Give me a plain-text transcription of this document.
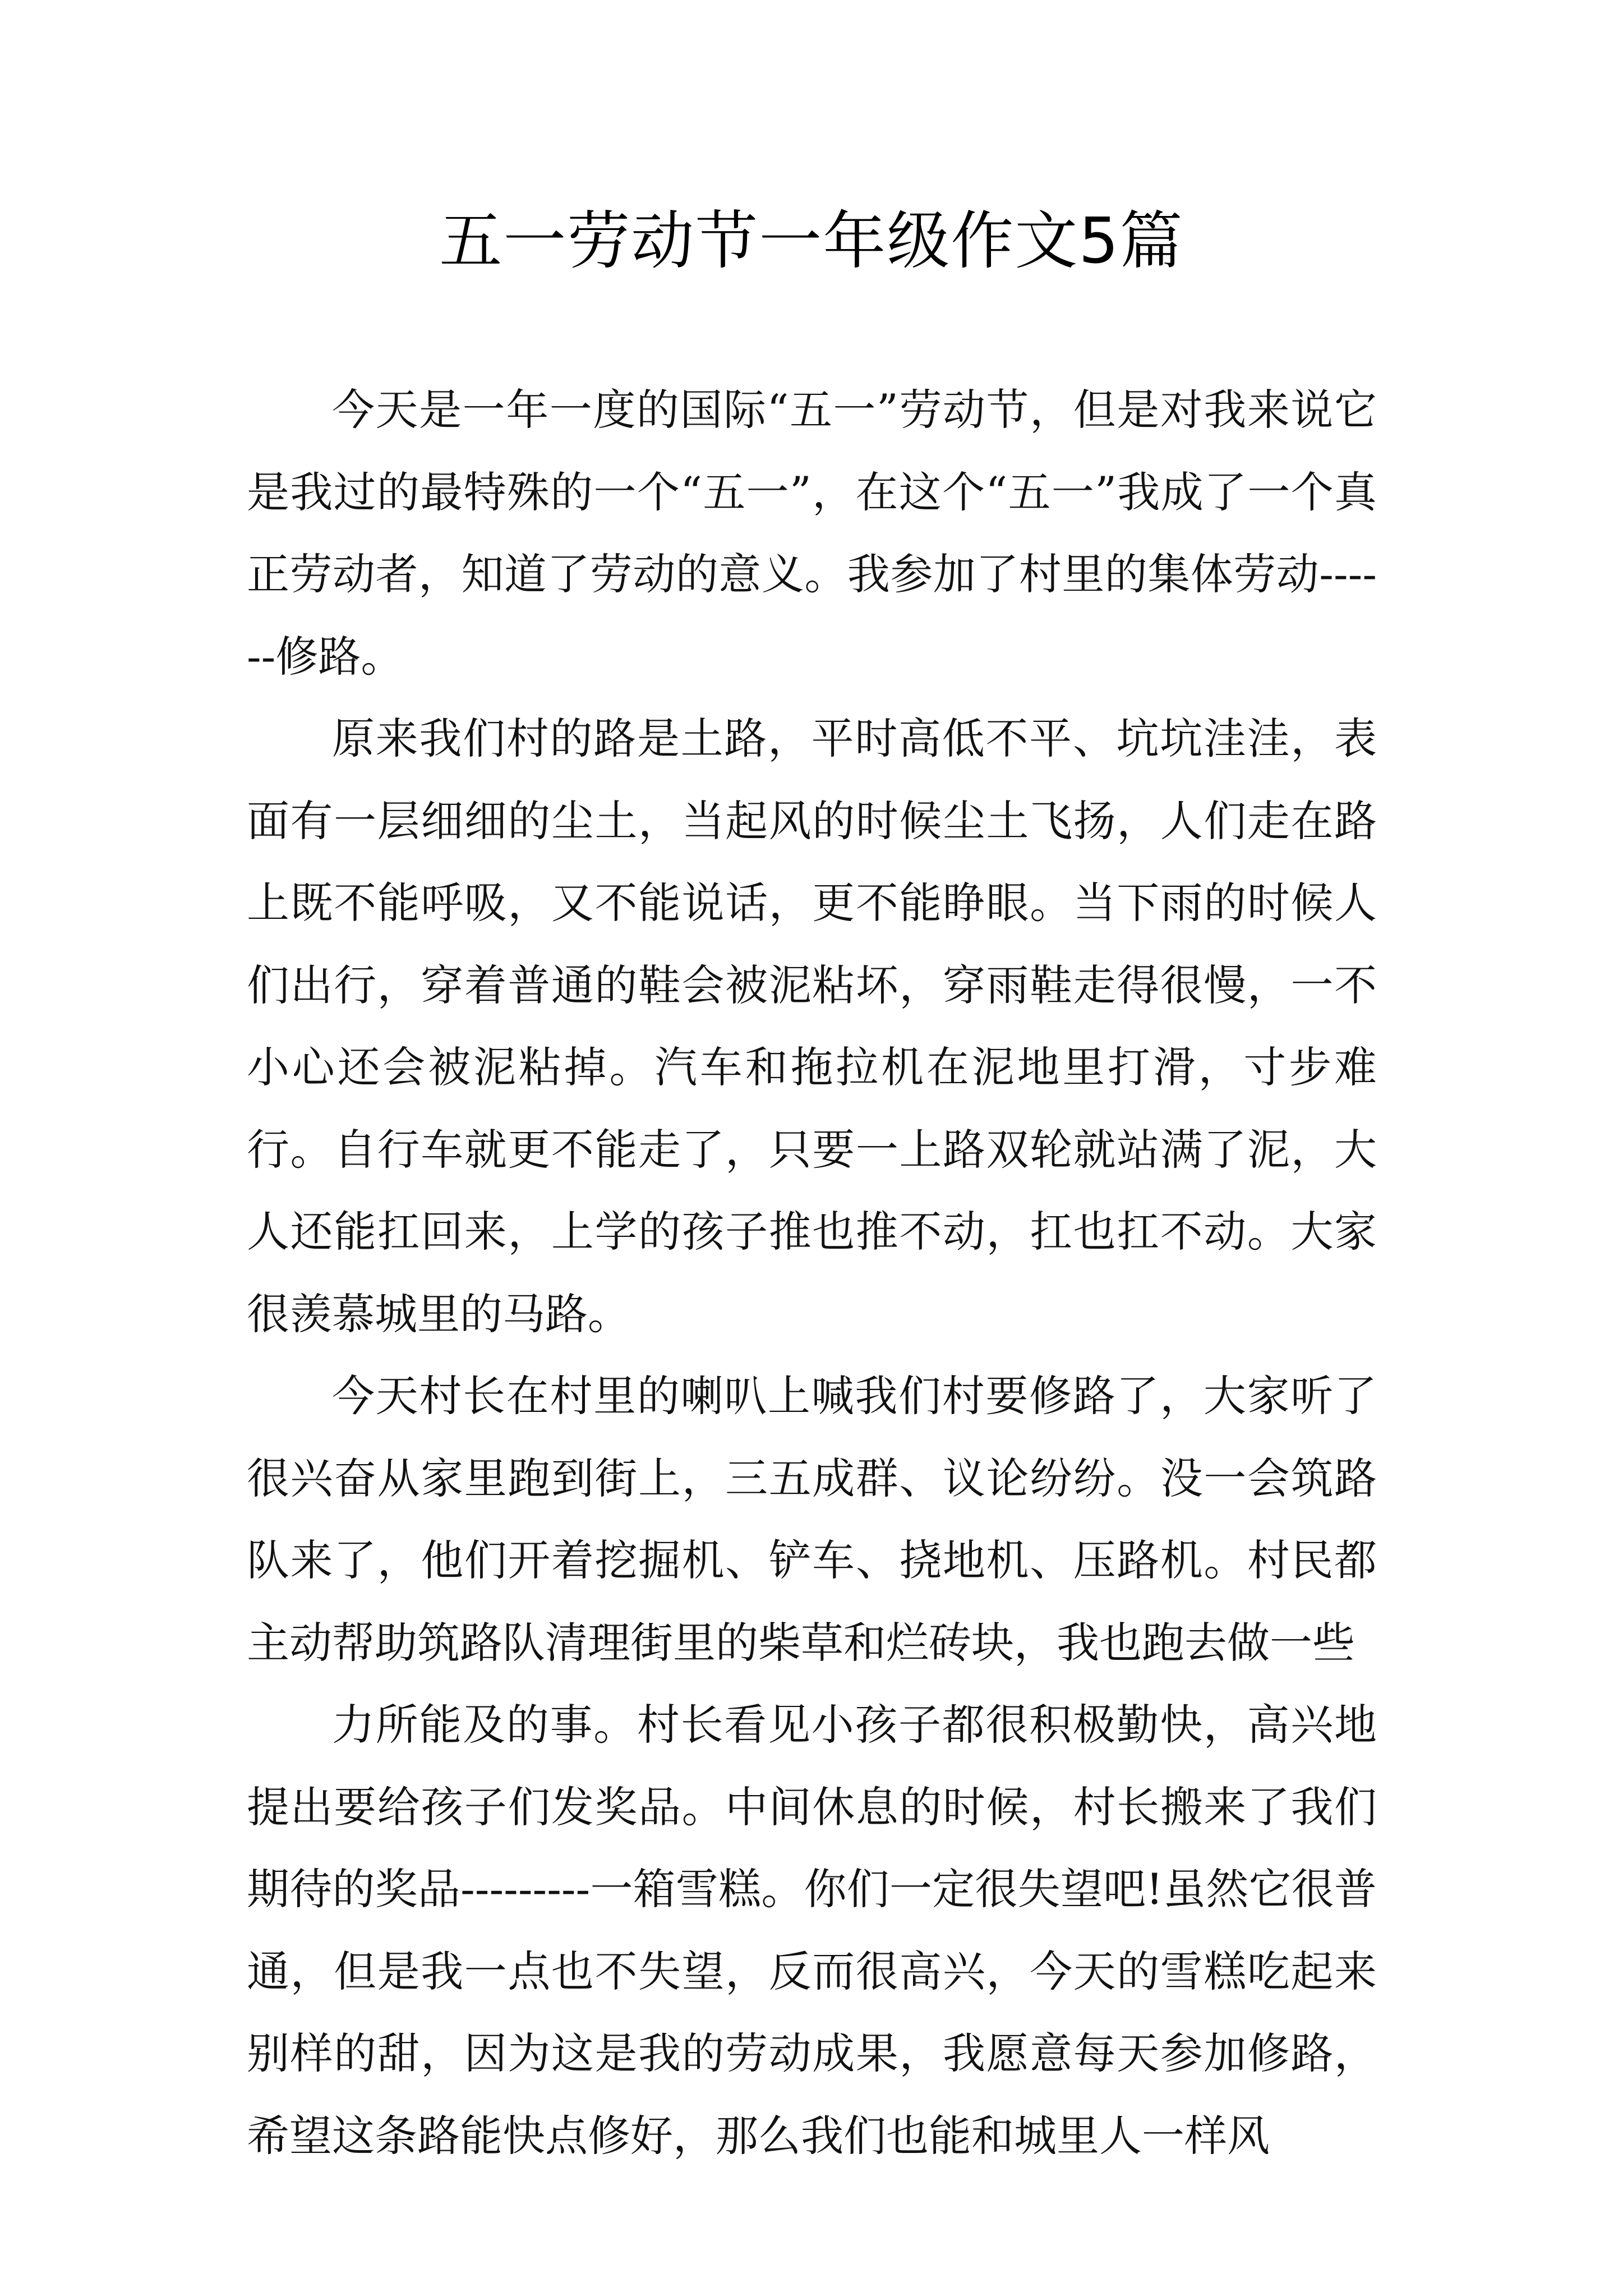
五一劳动节一年级作文5篇

今天是一年一度的国际“五一”劳动节，但是对我来说它是我过的最特殊的一个“五一”，在这个“五一”我成了一个真正劳动者，知道了劳动的意义。我参加了村里的集体劳动------修路。

原来我们村的路是土路，平时高低不平、坑坑洼洼，表面有一层细细的尘土，当起风的时候尘土飞扬，人们走在路上既不能呼吸，又不能说话，更不能睁眼。当下雨的时候人们出行，穿着普通的鞋会被泥粘坏，穿雨鞋走得很慢，一不小心还会被泥粘掉。汽车和拖拉机在泥地里打滑，寸步难行。自行车就更不能走了，只要一上路双轮就站满了泥，大人还能扛回来，上学的孩子推也推不动，扛也扛不动。大家很羡慕城里的马路。

今天村长在村里的喇叭上喊我们村要修路了，大家听了很兴奋从家里跑到街上，三五成群、议论纷纷。没一会筑路队来了，他们开着挖掘机、铲车、挠地机、压路机。村民都主动帮助筑路队清理街里的柴草和烂砖块，我也跑去做一些

力所能及的事。村长看见小孩子都很积极勤快，高兴地提出要给孩子们发奖品。中间休息的时候，村长搬来了我们期待的奖品---------一箱雪糕。你们一定很失望吧!虽然它很普通，但是我一点也不失望，反而很高兴，今天的雪糕吃起来别样的甜，因为这是我的劳动成果，我愿意每天参加修路，希望这条路能快点修好，那么我们也能和城里人一样风
